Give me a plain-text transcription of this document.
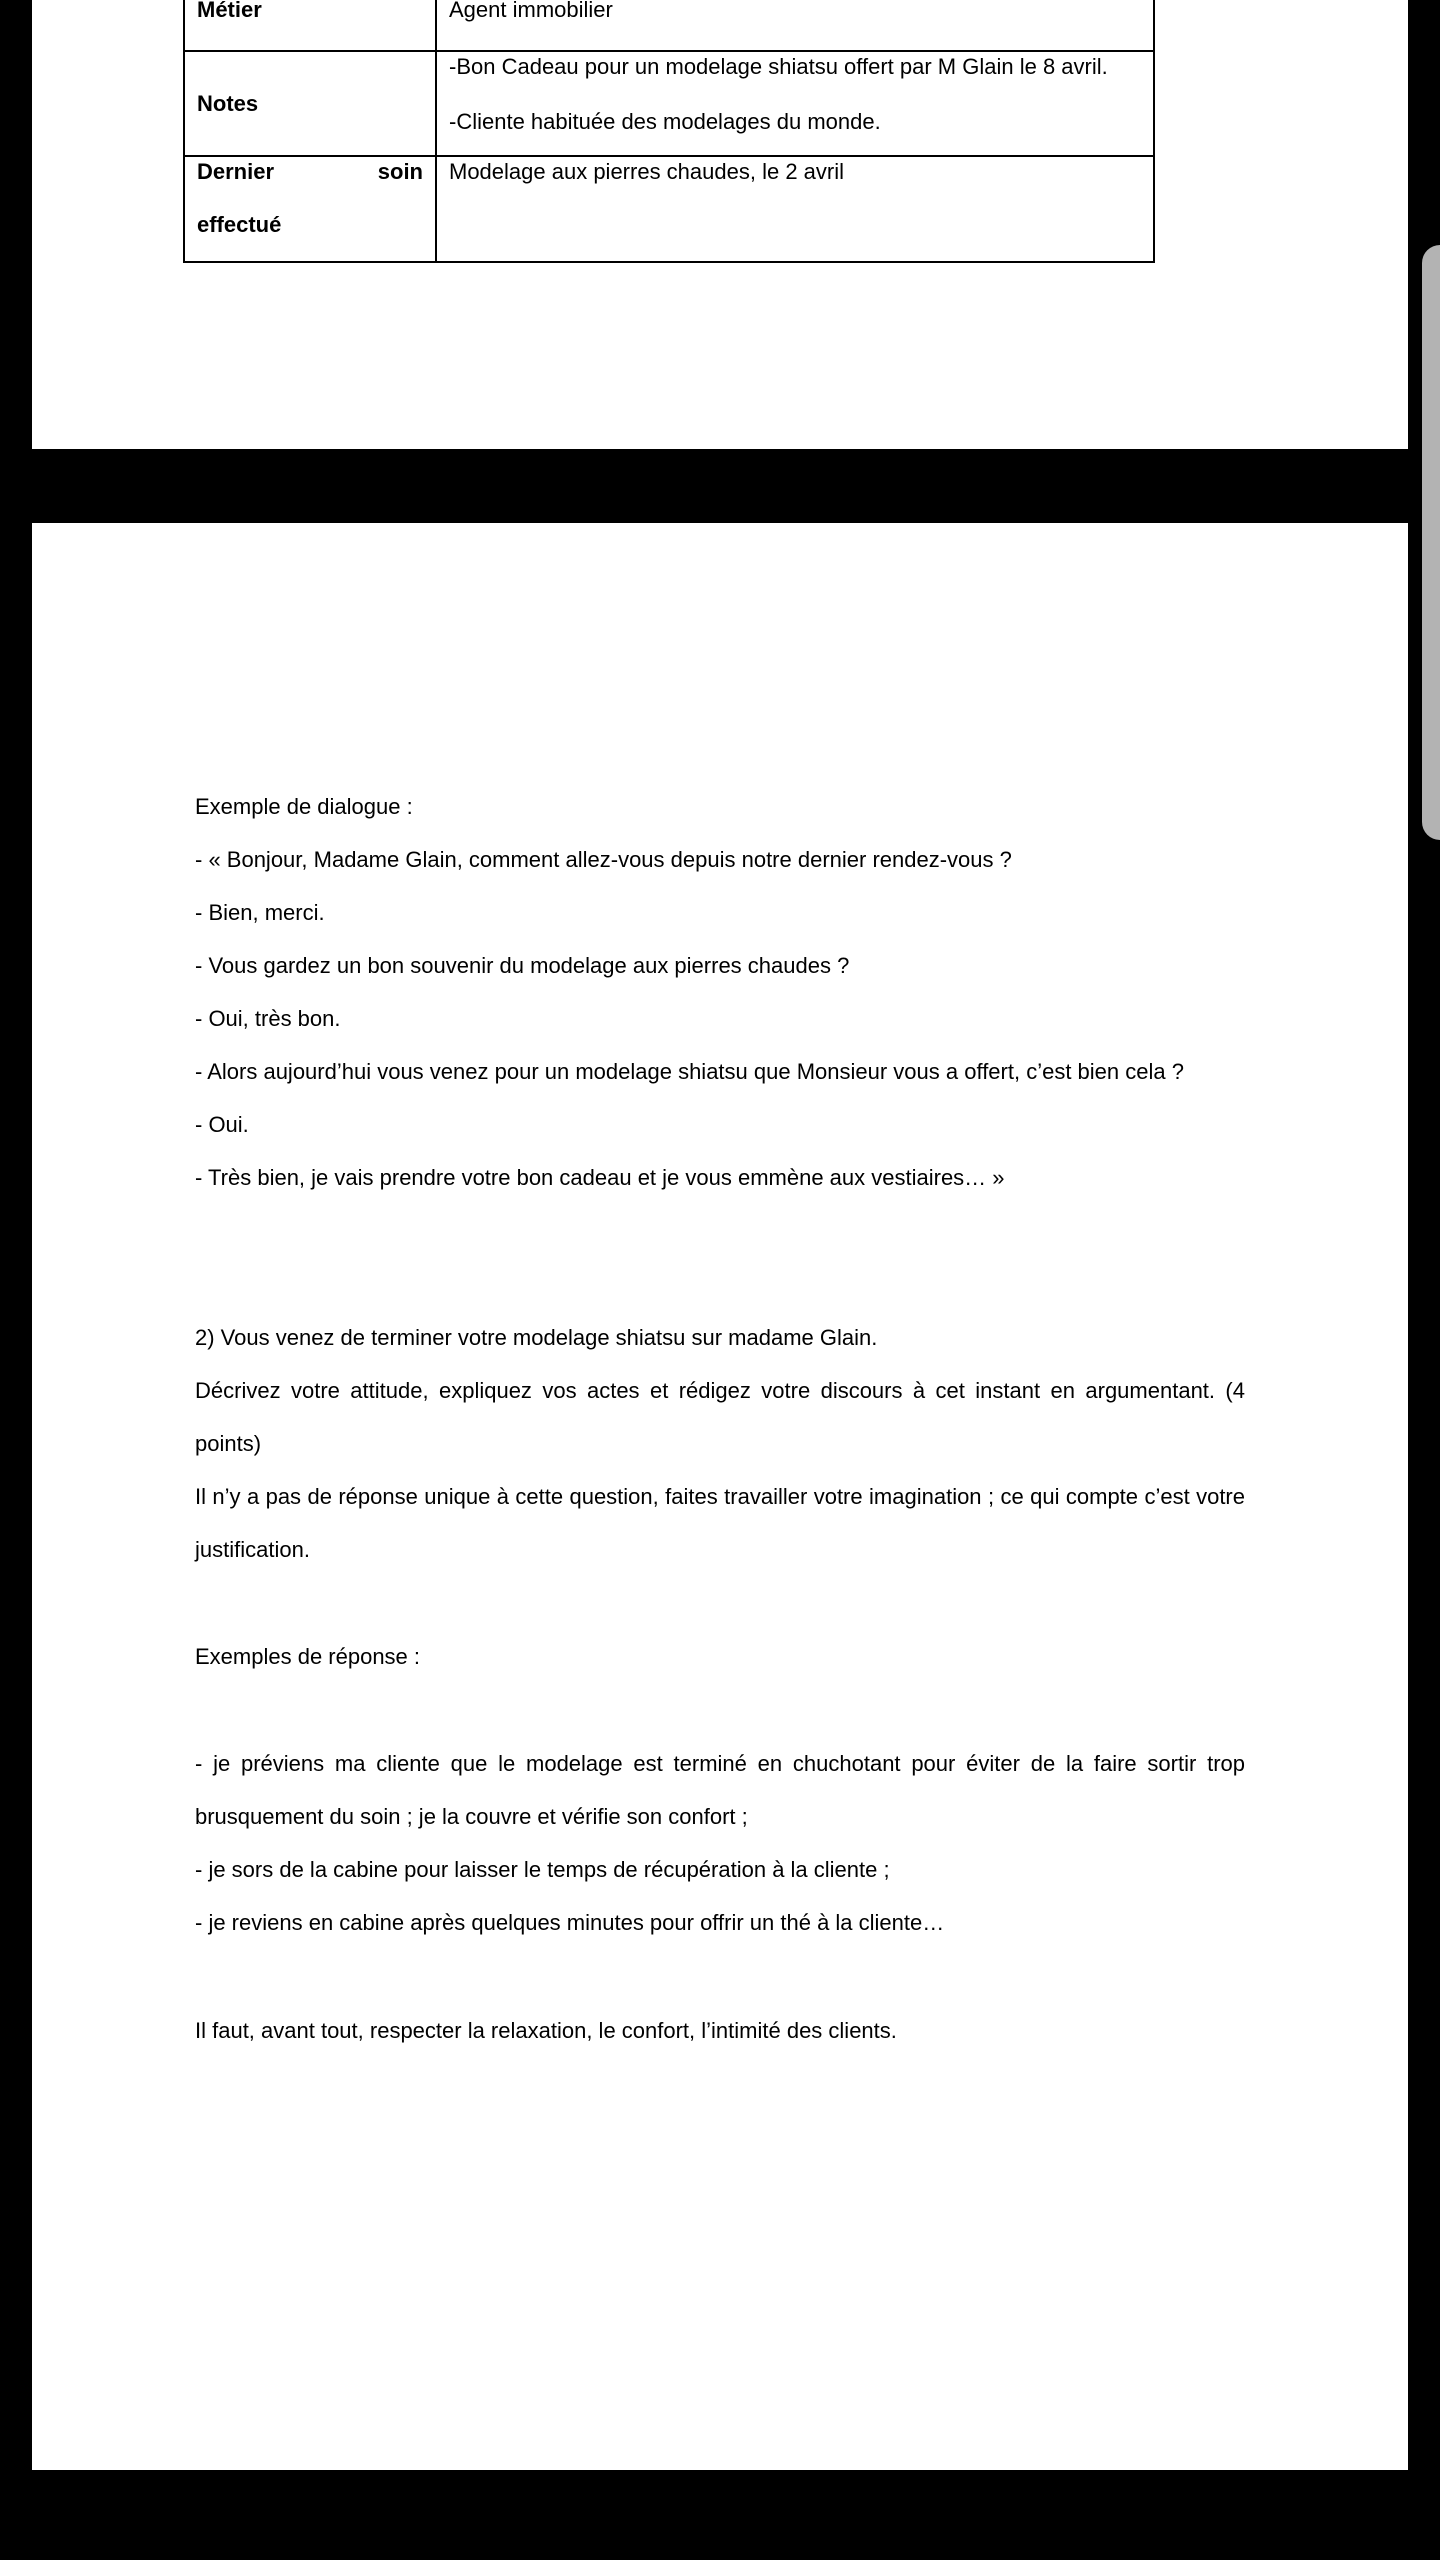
Métier	Agent immobilier

Notes	-Bon Cadeau pour un modelage shiatsu offert par M Glain le 8 avril.
-Cliente habituée des modelages du monde.

Dernier soin
effectué	Modelage aux pierres chaudes, le 2 avril
Exemple de dialogue :
- « Bonjour, Madame Glain, comment allez-vous depuis notre dernier rendez-vous ?
- Bien, merci.
- Vous gardez un bon souvenir du modelage aux pierres chaudes ?
- Oui, très bon.
- Alors aujourd’hui vous venez pour un modelage shiatsu que Monsieur vous a offert, c’est bien cela ?
- Oui.
- Très bien, je vais prendre votre bon cadeau et je vous emmène aux vestiaires… »
2) Vous venez de terminer votre modelage shiatsu sur madame Glain.
Décrivez votre attitude, expliquez vos actes et rédigez votre discours à cet instant en argumentant. (4 points)
Il n’y a pas de réponse unique à cette question, faites travailler votre imagination ; ce qui compte c’est votre justification.
Exemples de réponse :
- je préviens ma cliente que le modelage est terminé en chuchotant pour éviter de la faire sortir trop brusquement du soin ; je la couvre et vérifie son confort ;
- je sors de la cabine pour laisser le temps de récupération à la cliente ;
- je reviens en cabine après quelques minutes pour offrir un thé à la cliente…
Il faut, avant tout, respecter la relaxation, le confort, l’intimité des clients.
